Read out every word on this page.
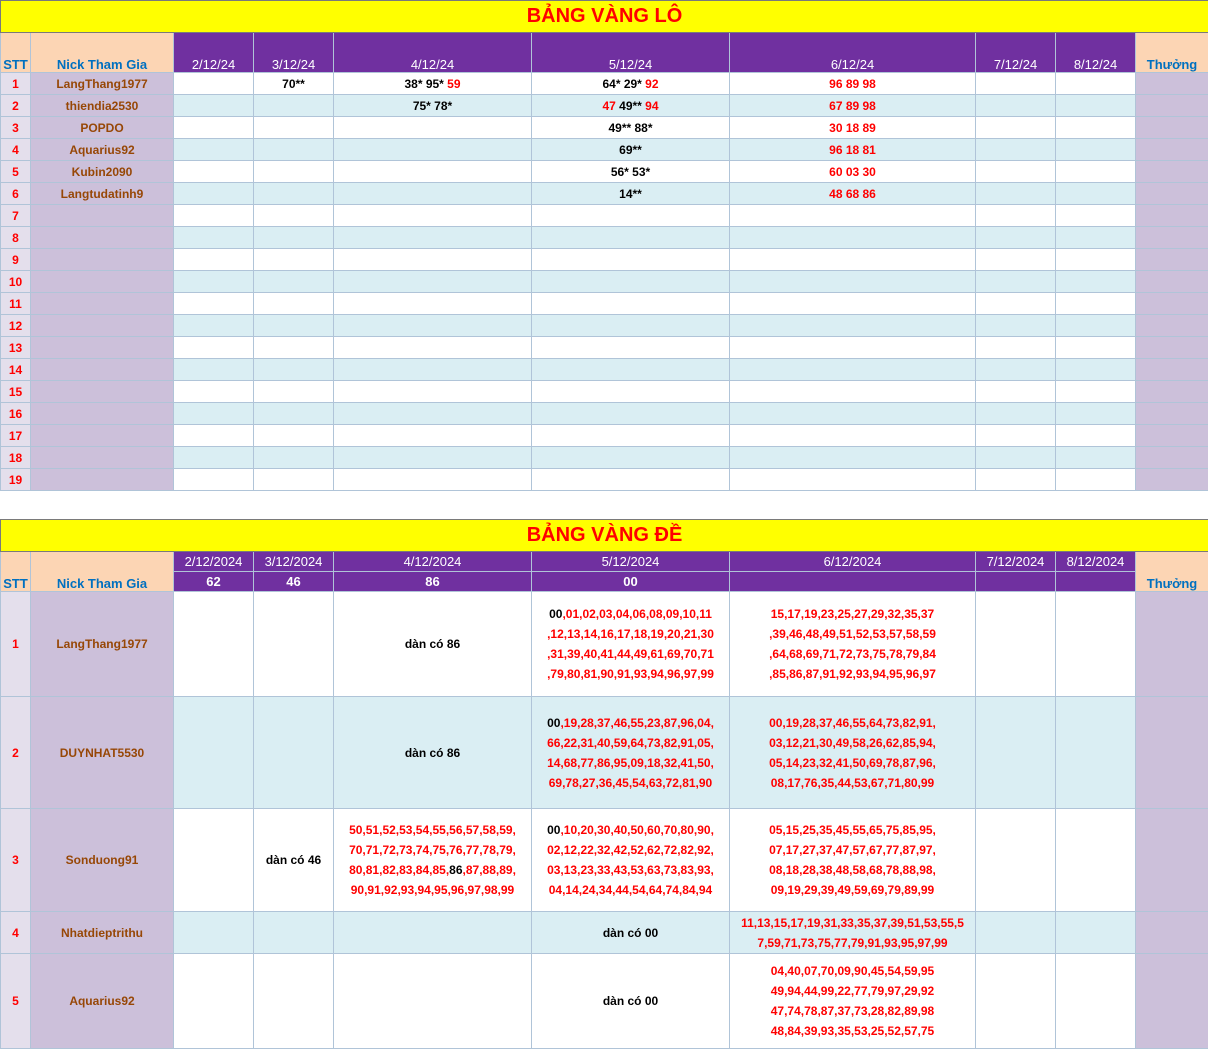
BẢNG VÀNG LÔ									
STT	Nick Tham Gia	2/12/24	3/12/24	4/12/24	5/12/24	6/12/24	7/12/24	8/12/24	Thưởng
1	LangThang1977		70**	38* 95* 59	64* 29* 92	96 89 98			
2	thiendia2530			75* 78*	47 49** 94	67 89 98			
3	POPDO				49** 88*	30 18 89			
4	Aquarius92				69**	96 18 81			
5	Kubin2090				56* 53*	60 03 30			
6	Langtudatinh9				14**	48 68 86			
7									
8									
9									
10									
11									
12									
13									
14									
15									
16									
17									
18									
19									
BẢNG VÀNG ĐỀ									
STT	Nick Tham Gia	2/12/2024	3/12/2024	4/12/2024	5/12/2024	6/12/2024	7/12/2024	8/12/2024	Thưởng
		62	46	86	00				
1	LangThang1977			dàn có 86	00,01,02,03,04,06,08,09,10,11
,12,13,14,16,17,18,19,20,21,30
,31,39,40,41,44,49,61,69,70,71
,79,80,81,90,91,93,94,96,97,99	15,17,19,23,25,27,29,32,35,37
,39,46,48,49,51,52,53,57,58,59
,64,68,69,71,72,73,75,78,79,84
,85,86,87,91,92,93,94,95,96,97			

2	DUYNHAT5530			dàn có 86	00,19,28,37,46,55,23,87,96,04,
66,22,31,40,59,64,73,82,91,05,
14,68,77,86,95,09,18,32,41,50,
69,78,27,36,45,54,63,72,81,90	00,19,28,37,46,55,64,73,82,91,
03,12,21,30,49,58,26,62,85,94,
05,14,23,32,41,50,69,78,87,96,
08,17,76,35,44,53,67,71,80,99			

3	Sonduong91		dàn có 46	50,51,52,53,54,55,56,57,58,59,
70,71,72,73,74,75,76,77,78,79,
80,81,82,83,84,85,86,87,88,89,
90,91,92,93,94,95,96,97,98,99	00,10,20,30,40,50,60,70,80,90,
02,12,22,32,42,52,62,72,82,92,
03,13,23,33,43,53,63,73,83,93,
04,14,24,34,44,54,64,74,84,94	05,15,25,35,45,55,65,75,85,95,
07,17,27,37,47,57,67,77,87,97,
08,18,28,38,48,58,68,78,88,98,
09,19,29,39,49,59,69,79,89,99			

4	Nhatdieptrithu				dàn có 00	11,13,15,17,19,31,33,35,37,39,51,53,55,5
7,59,71,73,75,77,79,91,93,95,97,99			

5	Aquarius92				dàn có 00	04,40,07,70,09,90,45,54,59,95
49,94,44,99,22,77,79,97,29,92
47,74,78,87,37,73,28,82,89,98
48,84,39,93,35,53,25,52,57,75			
